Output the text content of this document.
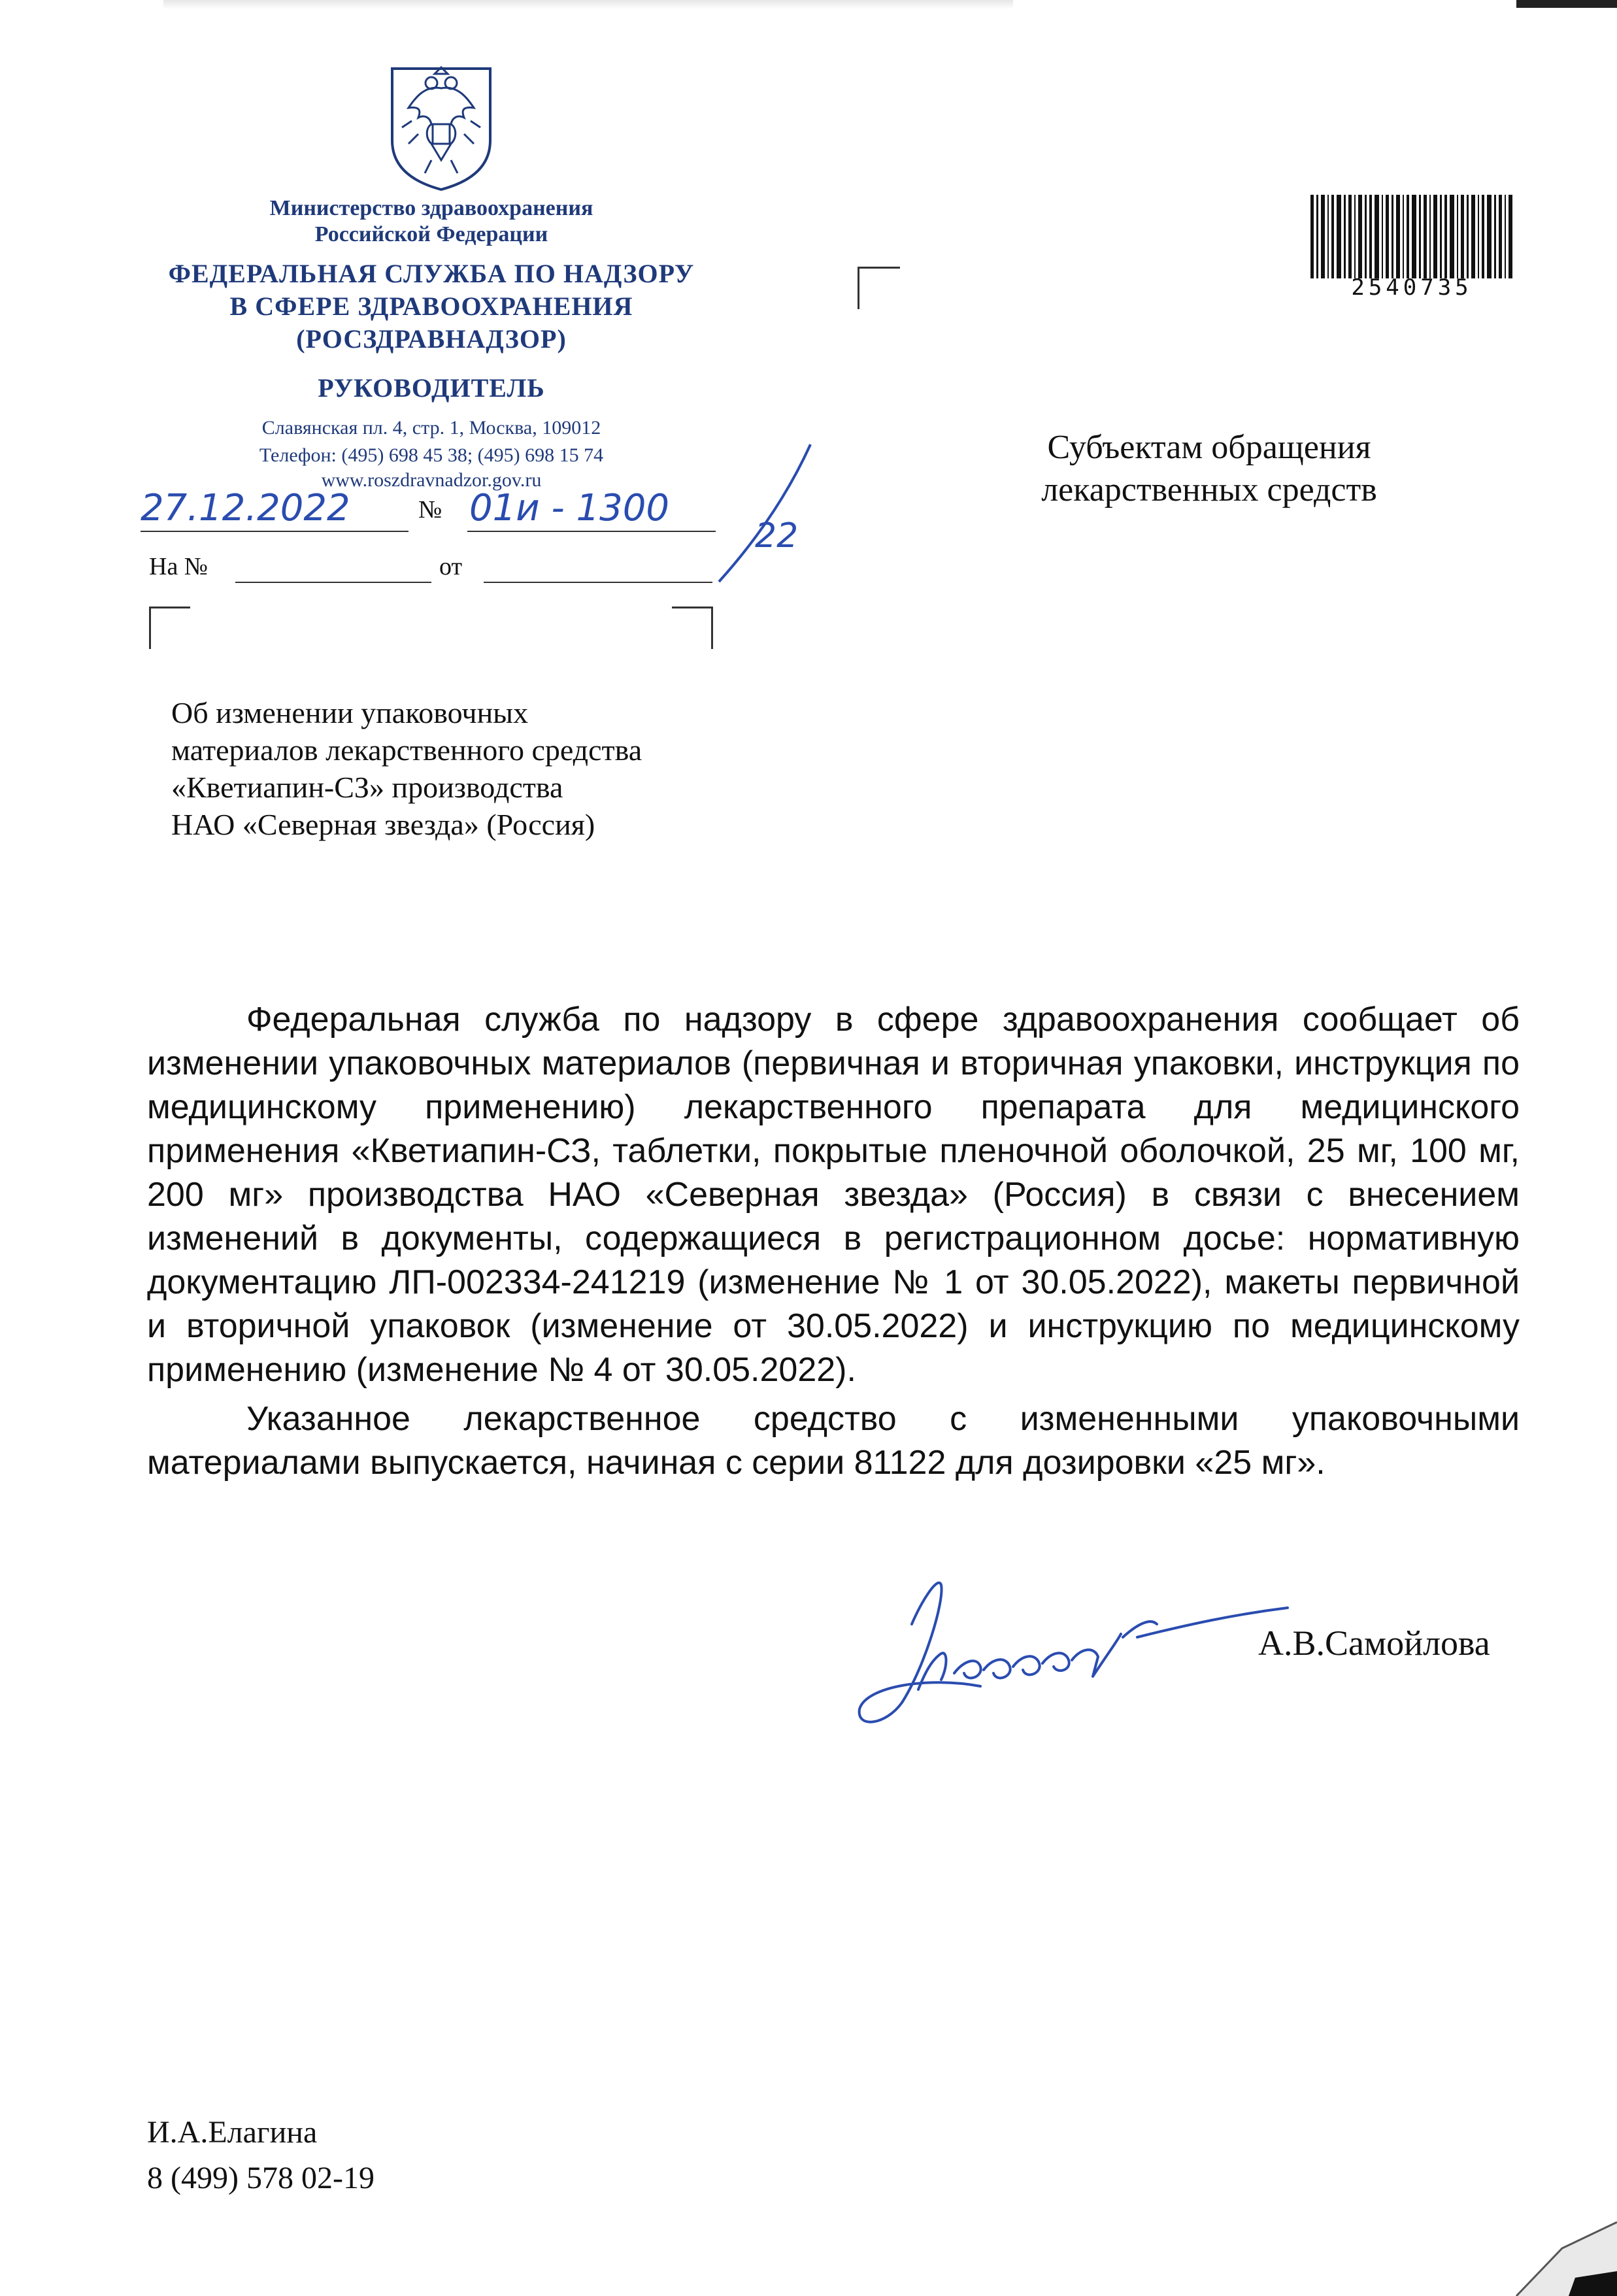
Министерство здравоохранения
Российской Федерации
ФЕДЕРАЛЬНАЯ СЛУЖБА ПО НАДЗОРУ
В СФЕРЕ ЗДРАВООХРАНЕНИЯ
(РОСЗДРАВНАДЗОР)
РУКОВОДИТЕЛЬ
Славянская пл. 4, стр. 1, Москва, 109012
Телефон: (495) 698 45 38; (495) 698 15 74
www.roszdravnadzor.gov.ru
27.12.2022	№ 01и - 1300
22
На №	от
2540735
Субъектам обращения
лекарственных средств
Об изменении упаковочных
материалов лекарственного средства
«Кветиапин-СЗ» производства
НАО «Северная звезда» (Россия)
Федеральная служба по надзору в сфере здравоохранения сообщает об изменении упаковочных материалов (первичная и вторичная упаковки, инструкция по медицинскому применению) лекарственного препарата для медицинского применения «Кветиапин-СЗ, таблетки, покрытые пленочной оболочкой, 25 мг, 100 мг, 200 мг» производства НАО «Северная звезда» (Россия) в связи с внесением изменений в документы, содержащиеся в регистрационном досье: нормативную документацию ЛП-002334-241219 (изменение № 1 от 30.05.2022), макеты первичной и вторичной упаковок (изменение от 30.05.2022) и инструкцию по медицинскому применению (изменение № 4 от 30.05.2022).
Указанное лекарственное средство с измененными упаковочными материалами выпускается, начиная с серии 81122 для дозировки «25 мг».
А.В.Самойлова
И.А.Елагина
8 (499) 578 02-19
